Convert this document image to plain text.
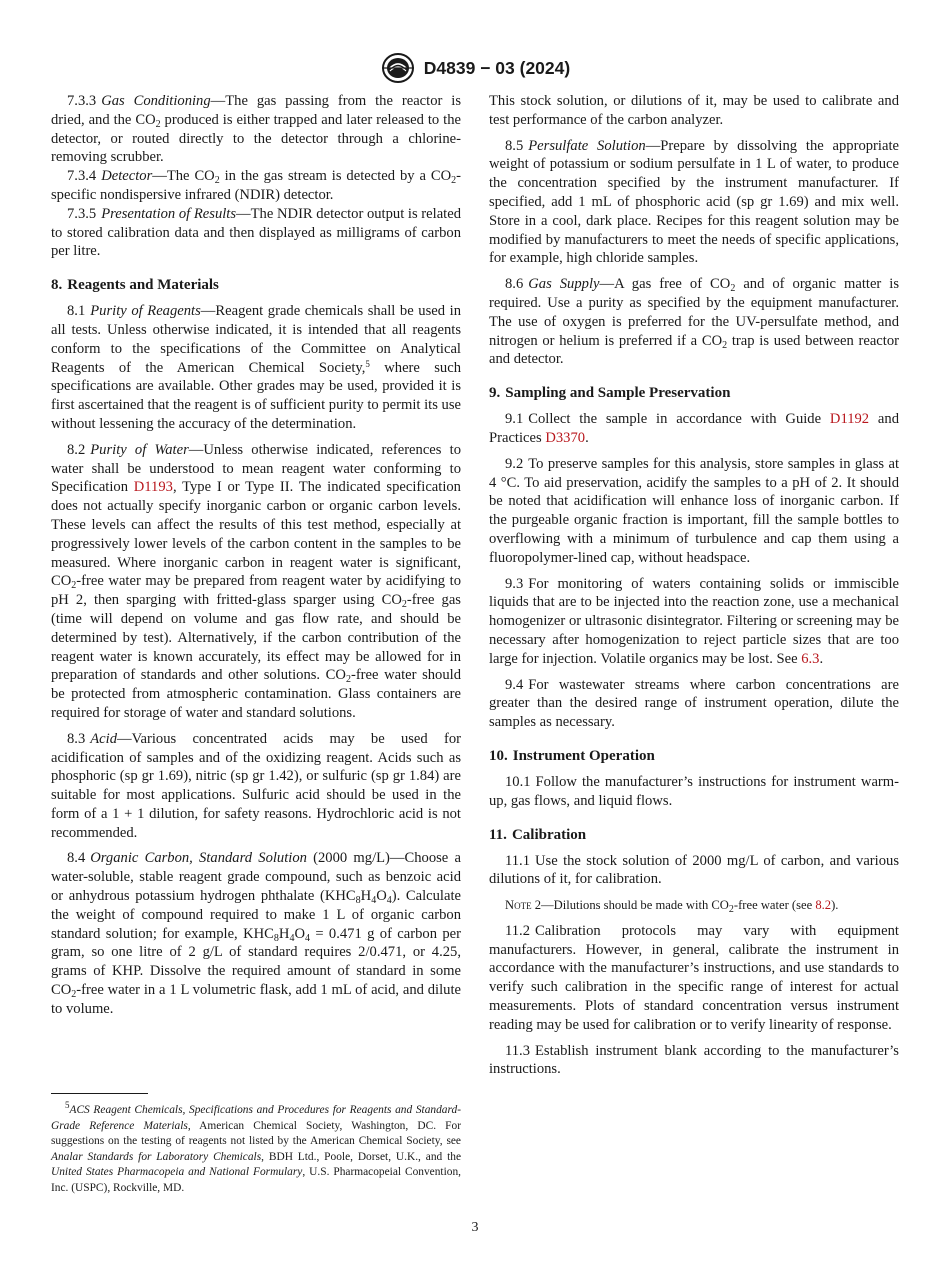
D4839 − 03 (2024)

7.3.3 Gas Conditioning—The gas passing from the reactor is dried, and the $CO_2$ produced is either trapped and later released to the detector, or routed directly to the detector through a chlorine-removing scrubber.

7.3.4 Detector—The $CO_2$ in the gas stream is detected by a $CO_2$-specific nondispersive infrared (NDIR) detector.

7.3.5 Presentation of Results—The NDIR detector output is related to stored calibration data and then displayed as milligrams of carbon per litre.

8. Reagents and Materials

8.1 Purity of Reagents—Reagent grade chemicals shall be used in all tests. Unless otherwise indicated, it is intended that all reagents conform to the specifications of the Committee on Analytical Reagents of the American Chemical Society,$^5$ where such specifications are available. Other grades may be used, provided it is first ascertained that the reagent is of sufficient purity to permit its use without lessening the accuracy of the determination.

8.2 Purity of Water—Unless otherwise indicated, references to water shall be understood to mean reagent water conforming to Specification D1193, Type I or Type II. The indicated specification does not actually specify inorganic carbon or organic carbon levels. These levels can affect the results of this test method, especially at progressively lower levels of the carbon content in the samples to be measured. Where inorganic carbon in reagent water is significant, $CO_2$-free water may be prepared from reagent water by acidifying to pH 2, then sparging with fritted-glass sparger using $CO_2$-free gas (time will depend on volume and gas flow rate, and should be determined by test). Alternatively, if the carbon contribution of the reagent water is known accurately, its effect may be allowed for in preparation of standards and other solutions. $CO_2$-free water should be protected from atmospheric contamination. Glass containers are required for storage of water and standard solutions.

8.3 Acid—Various concentrated acids may be used for acidification of samples and of the oxidizing reagent. Acids such as phosphoric (sp gr 1.69), nitric (sp gr 1.42), or sulfuric (sp gr 1.84) are suitable for most applications. Sulfuric acid should be used in the form of a 1 + 1 dilution, for safety reasons. Hydrochloric acid is not recommended.

8.4 Organic Carbon, Standard Solution (2000 mg/L)—Choose a water-soluble, stable reagent grade compound, such as benzoic acid or anhydrous potassium hydrogen phthalate $(KHC_8H_4O_4)$. Calculate the weight of compound required to make 1 L of organic carbon standard solution; for example, $KHC_8H_4O_4 = 0.471$ g of carbon per gram, so one litre of 2 g/L of standard requires 2/0.471, or 4.25, grams of KHP. Dissolve the required amount of standard in some $CO_2$-free water in a 1 L volumetric flask, add 1 mL of acid, and dilute to volume.

$^5$ACS Reagent Chemicals, Specifications and Procedures for Reagents and Standard-Grade Reference Materials, American Chemical Society, Washington, DC. For suggestions on the testing of reagents not listed by the American Chemical Society, see Analar Standards for Laboratory Chemicals, BDH Ltd., Poole, Dorset, U.K., and the United States Pharmacopeia and National Formulary, U.S. Pharmacopeial Convention, Inc. (USPC), Rockville, MD.

This stock solution, or dilutions of it, may be used to calibrate and test performance of the carbon analyzer.

8.5 Persulfate Solution—Prepare by dissolving the appropriate weight of potassium or sodium persulfate in 1 L of water, to produce the concentration specified by the instrument manufacturer. If specified, add 1 mL of phosphoric acid (sp gr 1.69) and mix well. Store in a cool, dark place. Recipes for this reagent solution may be modified by manufacturers to meet the needs of specific applications, for example, high chloride samples.

8.6 Gas Supply—A gas free of $CO_2$ and of organic matter is required. Use a purity as specified by the equipment manufacturer. The use of oxygen is preferred for the UV-persulfate method, and nitrogen or helium is preferred if a $CO_2$ trap is used between reactor and detector.

9. Sampling and Sample Preservation

9.1 Collect the sample in accordance with Guide D1192 and Practices D3370.

9.2 To preserve samples for this analysis, store samples in glass at 4 °C. To aid preservation, acidify the samples to a pH of 2. It should be noted that acidification will enhance loss of inorganic carbon. If the purgeable organic fraction is important, fill the sample bottles to overflowing with a minimum of turbulence and cap them using a fluoropolymer-lined cap, without headspace.

9.3 For monitoring of waters containing solids or immiscible liquids that are to be injected into the reaction zone, use a mechanical homogenizer or ultrasonic disintegrator. Filtering or screening may be necessary after homogenization to reject particle sizes that are too large for injection. Volatile organics may be lost. See 6.3.

9.4 For wastewater streams where carbon concentrations are greater than the desired range of instrument operation, dilute the samples as necessary.

10. Instrument Operation

10.1 Follow the manufacturer’s instructions for instrument warm-up, gas flows, and liquid flows.

11. Calibration

11.1 Use the stock solution of 2000 mg/L of carbon, and various dilutions of it, for calibration.

Note 2—Dilutions should be made with $CO_2$-free water (see 8.2).

11.2 Calibration protocols may vary with equipment manufacturers. However, in general, calibrate the instrument in accordance with the manufacturer’s instructions, and use standards to verify such calibration in the specific range of interest for actual measurements. Plots of standard concentration versus instrument reading may be used for calibration or to verify linearity of response.

11.3 Establish instrument blank according to the manufacturer’s instructions.

3
